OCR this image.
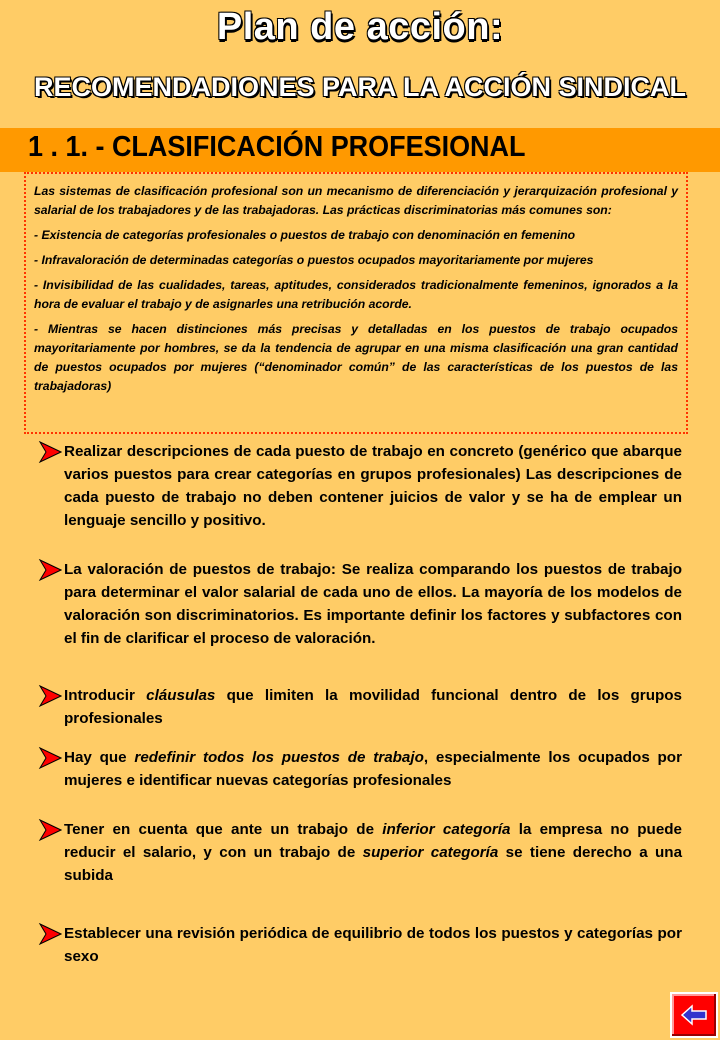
Plan de acción:
RECOMENDADIONES PARA LA ACCIÓN SINDICAL
1 . 1. - CLASIFICACIÓN PROFESIONAL

Las sistemas de clasificación profesional son un mecanismo de diferenciación y jerarquización profesional y salarial de los trabajadores y de las trabajadoras. Las prácticas discriminatorias más comunes son:

- Existencia de categorías profesionales o puestos de trabajo con denominación en femenino

- Infravaloración de determinadas categorías o puestos ocupados mayoritariamente por mujeres

- Invisibilidad de las cualidades, tareas, aptitudes, considerados tradicionalmente femeninos, ignorados a la hora de evaluar el trabajo y de asignarles una retribución acorde.

- Mientras se hacen distinciones más precisas y detalladas en los puestos de trabajo ocupados mayoritariamente por hombres, se da la tendencia de agrupar en una misma clasificación una gran cantidad de puestos ocupados por mujeres (“denominador común” de las características de los puestos de las trabajadoras)

Realizar descripciones de cada puesto de trabajo en concreto (genérico que abarque varios puestos para crear categorías en grupos profesionales) Las descripciones de cada puesto de trabajo no deben contener juicios de valor y se ha de emplear un lenguaje sencillo y positivo.
La valoración de puestos de trabajo: Se realiza comparando los puestos de trabajo para determinar el valor salarial de cada uno de ellos. La mayoría de los modelos de valoración son discriminatorios. Es importante definir los factores y subfactores con el fin de clarificar el proceso de valoración.
Introducir cláusulas que limiten la movilidad funcional dentro de los grupos profesionales
Hay que redefinir todos los puestos de trabajo, especialmente los ocupados por mujeres e identificar nuevas categorías profesionales
Tener en cuenta que ante un trabajo de inferior categoría la empresa no puede reducir el salario, y con un trabajo de superior categoría se tiene derecho a una subida
Establecer una revisión periódica de equilibrio de todos los puestos y categorías por sexo
